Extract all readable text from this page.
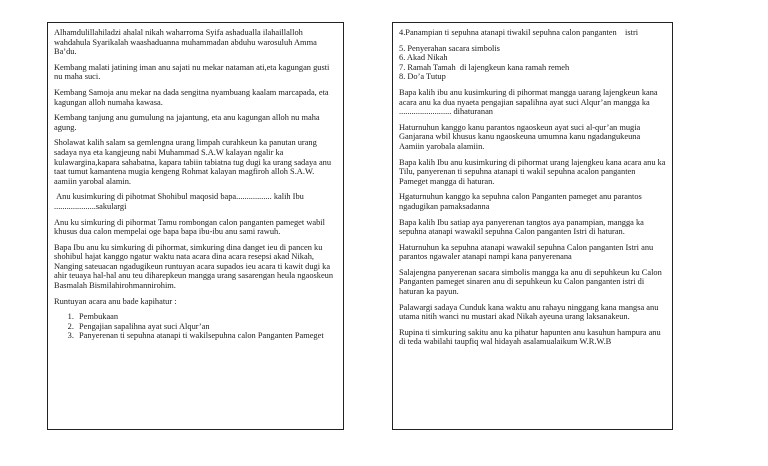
Alhamdulillahiladzi ahalal nikah waharroma Syifa ashadualla ilahaillalloh wahdahula Syarikalah waashaduanna muhammadan abduhu warosuluh Amma Ba’du.

Kembang malati jatining iman anu sajati nu mekar nataman ati,eta kagungan gusti nu maha suci.

Kembang Samoja anu mekar na dada sengitna nyambuang kaalam marcapada, eta kagungan alloh numaha kawasa.

Kembang tanjung anu gumulung na jajantung, eta anu kagungan alloh nu maha agung.

Sholawat kalih salam sa gemlengna urang limpah curahkeun ka panutan urang sadaya nya eta kangjeung nabi Muhammad S.A.W kalayan ngalir ka kulawargina,kapara sahabatna, kapara tabiin tabiatna tug dugi ka urang sadaya anu taat tumut kamantena mugia kengeng Rohmat kalayan magfiroh alloh S.A.W. aamiin yarobal alamin.

Anu kusimkuring di pihotmat Shohibul maqosid bapa................. kalih Ibu ....................sakulargi

Anu ku simkuring di pihormat Tamu rombongan calon panganten pameget wabil khusus dua calon mempelai oge bapa bapa ibu-ibu anu sami rawuh.

Bapa Ibu anu ku simkuring di pihormat, simkuring dina danget ieu di pancen ku shohibul hajat kanggo ngatur waktu nata acara dina acara resepsi akad Nikah, Nanging sateuacan ngadugikeun runtuyan acara supados ieu acara ti kawit dugi ka ahir teuaya hal-hal anu teu diharepkeun mangga urang sasarengan heula ngaoskeun Basmalah Bismilahirohmannirohim.

Runtuyan acara anu bade kapihatur :

1. Pembukaan
2. Pengajian sapalihna ayat suci Alqur’an
3. Panyerenan ti sepuhna atanapi ti wakilsepuhna calon Panganten Pameget

4.Panampian ti sepuhna atanapi tiwakil sepuhna calon panganten    istri

5. Penyerahan sacara simbolis
6. Akad Nikah
7. Ramah Tamah  di lajengkeun kana ramah remeh
8. Do’a Tutup

Bapa kalih ibu anu kusimkuring di pihormat mangga uarang lajengkeun kana acara anu ka dua nyaeta pengajian sapalihna ayat suci Alqur’an mangga ka ......................... dihaturanan

Haturnuhun kanggo kanu parantos ngaoskeun ayat suci al-qur’an mugia Ganjarana wbil khusus kanu ngaoskeuna umumna kanu ngadangukeuna Aamiin yarobala alamiin.

Bapa kalih Ibu anu kusimkuring di pihormat urang lajengkeu kana acara anu ka Tilu, panyerenan ti sepuhna atanapi ti wakil sepuhna acalon panganten Pameget mangga di haturan.

Hgaturnuhun kanggo ka sepuhna calon Panganten pameget anu parantos ngadugikan pamaksadanna

Bapa kalih Ibu satiap aya panyerenan tangtos aya panampian, mangga ka sepuhna atanapi wawakil sepuhna Calon panganten Istri di haturan.

Haturnuhun ka sepuhna atanapi wawakil sepuhna Calon panganten Istri anu parantos ngawaler atanapi nampi kana panyerenana

Salajengna panyerenan sacara simbolis mangga ka anu di sepuhkeun ku Calon Panganten pameget sinaren anu di sepuhkeun ku Calon panganten istri di haturan ka payun.

Palawargi sadaya Cunduk kana waktu anu rahayu ninggang kana mangsa anu utama nitih wanci nu mustari akad Nikah ayeuna urang laksanakeun.

Rupina ti simkuring sakitu anu ka pihatur hapunten anu kasuhun hampura anu di teda wabilahi taupfiq wal hidayah asalamualaikum W.R.W.B
